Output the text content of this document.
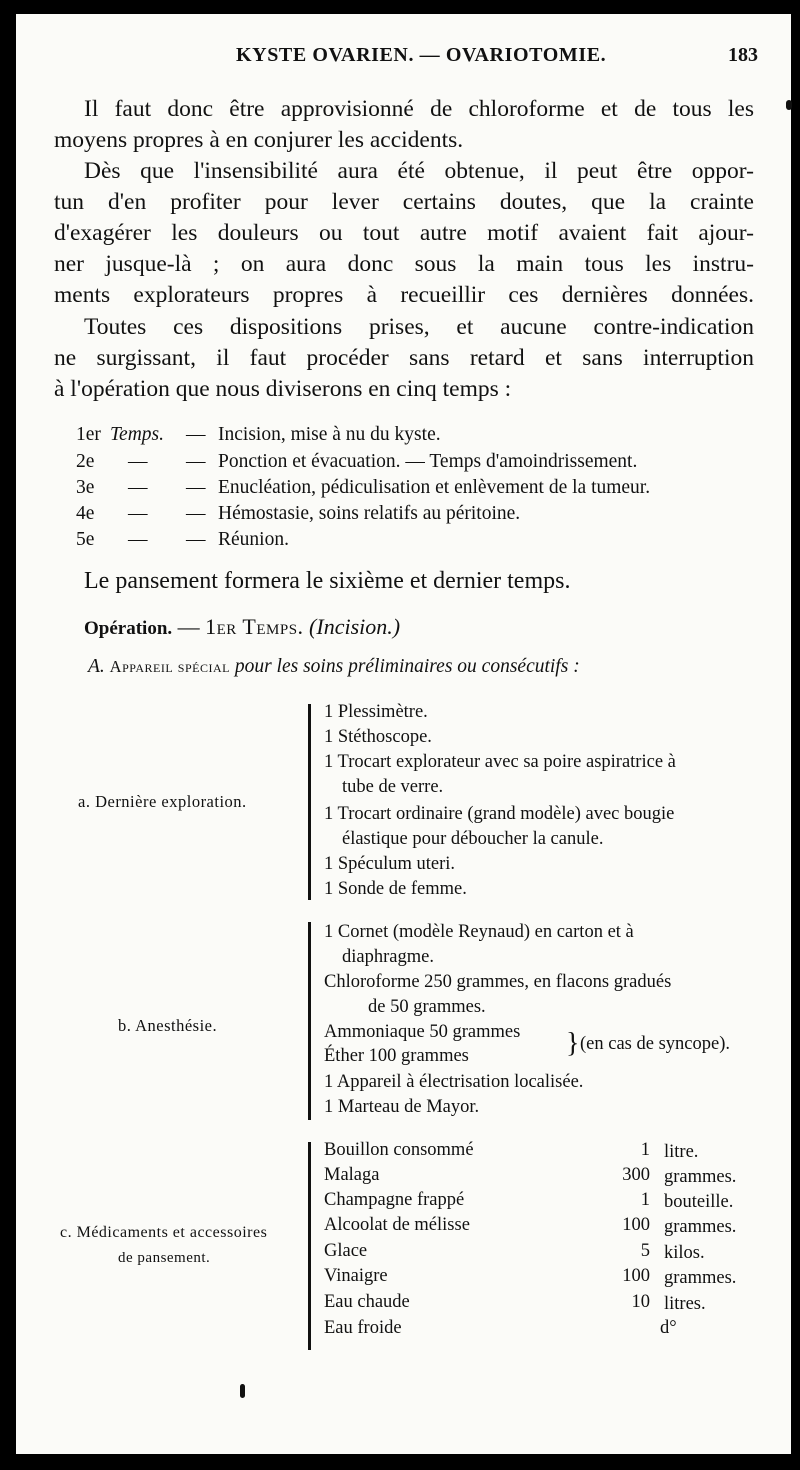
KYSTE OVARIEN. — OVARIOTOMIE.	183

Il faut donc être approvisionné de chloroforme et de tous les

moyens propres à en conjurer les accidents.

Dès que l'insensibilité aura été obtenue, il peut être oppor-

tun d'en profiter pour lever certains doutes, que la crainte

d'exagérer les douleurs ou tout autre motif avaient fait ajour-

ner jusque-là ; on aura donc sous la main tous les instru-

ments explorateurs propres à recueillir ces dernières données.

Toutes ces dispositions prises, et aucune contre-indication

ne surgissant, il faut procéder sans retard et sans interruption

à l'opération que nous diviserons en cinq temps :

1er Temps. — Incision, mise à nu du kyste.
2e — — Ponction et évacuation. — Temps d'amoindrissement.
3e — — Enucléation, pédiculisation et enlèvement de la tumeur.
4e — — Hémostasie, soins relatifs au péritoine.
5e — — Réunion.
Le pansement formera le sixième et dernier temps.
Opération. — 1er Temps. (Incision.)
A. Appareil spécial pour les soins préliminaires ou consécutifs :
a. Dernière exploration.
1 Plessimètre.
1 Stéthoscope.
1 Trocart explorateur avec sa poire aspiratrice à
tube de verre.
1 Trocart ordinaire (grand modèle) avec bougie
élastique pour déboucher la canule.
1 Spéculum uteri.
1 Sonde de femme.
b. Anesthésie.
1 Cornet (modèle Reynaud) en carton et à
diaphragme.
Chloroforme 250 grammes, en flacons gradués
de 50 grammes.
Ammoniaque 50 grammes
Éther 100 grammes	} (en cas de syncope).
1 Appareil à électrisation localisée.
1 Marteau de Mayor.
c. Médicaments et accessoires
de pansement.
Bouillon consommé	1 litre.
Malaga	300 grammes.
Champagne frappé	1 bouteille.
Alcoolat de mélisse	100 grammes.
Glace	5 kilos.
Vinaigre	100 grammes.
Eau chaude	10 litres.
Eau froide	d°
